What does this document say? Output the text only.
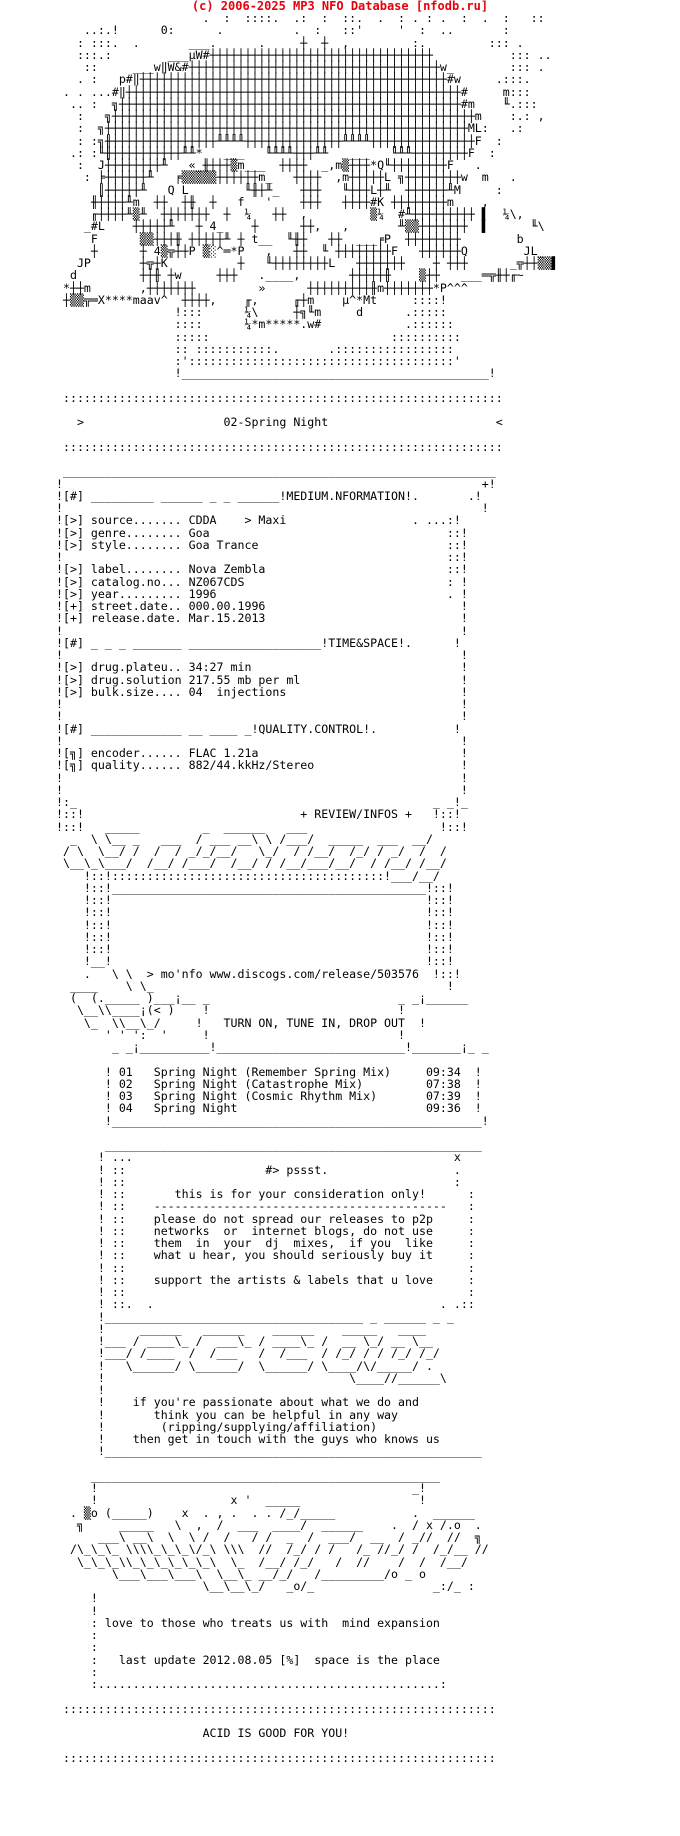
(c) 2006-2025 MP3 NFO Database [nfodb.ru]
.  :  ::::.  .:  :  ::.  .  : . : .  :  .  :   ::
..:.!      0:      .          .  :   ::'     '  :  ..       :
: :::.  .       ___.      .     ┼  ┼  ,         :.         ::: .
:::.:        ___µW#┼┼┼┼┼┼┼┼┼┼┼┼┼┼┼┼┼┼┼┼┼┼┼┼┼┼┼┼┼┼┼┼           ::: ..
::     ___w‖W&#┼┼┼┼┼┼┼┼┼┼┼┼┼┼┼┼┼┼┼┼┼┼┼┼┼┼┼┼┼┼┼┼┼┼┼┼w_        ::: .
. :   p#‖┼┼┼┼┼┼┼┼┼┼┼┼┼┼┼┼┼┼┼┼┼┼┼┼┼┼┼┼┼┼┼┼┼┼┼┼┼┼┼┼┼┼┼┼#w     .:::.
. . ...#‖┼┼┼┼┼┼┼┼┼┼┼┼┼┼┼┼┼┼┼┼┼┼┼┼┼┼┼┼┼┼┼┼┼┼┼┼┼┼┼┼┼┼┼┼┼┼┼┼#     m:::
.. :  ╗┼┼┼┼┼┼┼┼┼┼┼┼┼┼┼┼┼┼┼┼┼┼┼┼┼┼┼┼┼┼┼┼┼┼┼┼┼┼┼┼┼┼┼┼┼┼┼┼┼#m    ╙.:::
:   ╗┼┼┼┼┼┼┼┼┼┼┼┼┼┼┼┼┼┼┼┼┼┼┼┼┼┼┼┼┼┼┼┼┼┼┼┼┼┼┼┼┼┼┼┼┼┼┼┼┼┼┼┼m    :.: ,
:  ╗┼┼┼┼┼┼┼┼┼┼┼┼┼┼┼┼┼┼┼┼┼┼┼┼┼┼┼┼┼┼┼┼┼┼┼┼┼┼┼┼┼┼┼┼┼┼┼┼┼┼┼┼ML:   .:
: :╗╫┼┼┼┼┼┼┼┼┼┼┼┼┼┼┼╨╨╨╨┼┼┼┼┼┼┼┼┼┼┼┼┼┼╨╨╨╨┼┼┼┼┼┼┼┼┼┼┼┼┼┼┼F  :
.: :╙╫┼┼┼┼┼┼┼┼┼┼╨╨*   ___   ╙╨╨╨┼┼┼╨╨   ___   ╙╨╨┼┼┼┼┼┼┼┼F  :
:  J┼┼┼┼┼┼┼┼╨   «_╫┼┼┼▒m___  ┼┼┼┼  _,m▒┼┼┼*Q╙┼┼┼┼┼┼┼┼F   .
: ╞┼┼┼┼┼┼╨   ╒▒▒▒▒▒┼┼┼┼┼┼m_   ┼┼┼┼  ,m┼┼┼┼┼L ╗┼┼┼┼┼┼┼┼w  m   .
║┼┼┼┼┼╨   Q L        ╙╫┼╨_   ┼┼┼   ╙┼┼┼L┼╨  ┼┼┼┼┼┼╨M     :
╫┼┼┼┼╨m  ┼┼  ┼╫  ┼   f   '    ┼┼┼   ┼┼┼┼#K ┼┼┼┼┼┼┼┼m    ,
╓┼┼┼┼╨▒╨  ┼┼┼┼┼┼┼  ┼  ¼   ┼┼  ,         ▒¼  #╨┼┼┼┼┼┼┼┼┼ ▌  ¼\,
_#L    ┼┼┼┼┼╨   ┼ 4_    ┼      ┼┼,   ,       ╨▒▒┼┼┼┼┼┼┼  ▌      ╙\
F      ▒▒┼┼┼╫ ┼┼┼┼┼╨ ┼ t__  ╙╫┼   ┼┼  ___╒P  ┼┼┼┼┼┼┼┼        b
┼      ┼ 4▒╦┼┼P ▒░^═*P   ,   ┼┼  ╙ ┼┼┼┼┼┼┼┼F   ┼┼┼┼┼┼Q        JL_
JP       ┼╦┼K          ┼   ╙┼┼┼┼┼┼┼┼L   ┼┼┼┼┼┼┼    ┼ ┼┼┼      _╦┼┼▒▒▌
d         ┼┼╫ ┼w     ┼┼┼   .____,       ┼┼┼┼┼╫    ▒┼┼   ___═╦╫┼╓~
*┼┼m       ,┼┼┼┼┼┼┼         »      ┼┼┼┼┼┼┼┼┼╫m┼┼┼┼┼┼┼*P^^^
┼▒▒╦═X****maav^  ┼┼┼┼,    ╓,     ╓┼m    µ^*Mt     ::::!
!:::      ¼\     ┼╗╙m     d      .:::::
::::      ¼*m*****.w#            .::::::
:::::                          ::::::::::
:: :::::::::::.       .:::::::::::::::::
:'::::::::::::::::::::::::::::::::::::::'
!____________________________________________!

:::::::::::::::::::::::::::::::::::::::::::::::::::::::::::::::

>                    02-Spring Night                        <

:::::::::::::::::::::::::::::::::::::::::::::::::::::::::::::::

______________________________________________________________
!                                                            +!
![#] _________ ______ _ _ ______!MEDIUM.NFORMATION!.       .!
!                                                            !
![>] source....... CDDA    > Maxi                  . ...:!
![>] genre........ Goa                                  ::!
![>] style........ Goa Trance                           ::!
!                                                       ::!
![>] label........ Nova Zembla                          ::!
![>] catalog.no... NZ067CDS                             : !
![>] year......... 1996                                 . !
![+] street.date.. 000.00.1996                            !
![+] release.date. Mar.15.2013                            !
!                                                         !
![#] _ _ _ _______ ___________________!TIME&SPACE!.      !
!                                                         !
![>] drug.plateu.. 34:27 min                              !
![>] drug.solution 217.55 mb per ml                       !
![>] bulk.size.... 04  injections                         !
!                                                         !
!                                                         !
![#] _____________ __ ____ _!QUALITY.CONTROL!.           !
!                                                         !
![╗] encoder...... FLAC 1.21a                             !
![╗] quality...... 882/44.kkHz/Stereo                     !
!                                                         !
!                                                         !
!:_                                                   _ _!_
!::!                               + REVIEW/INFOS +   !::!
!::!   _____         _  ______   ___                   !::!
_  \ \__ _   ___  / ___ __\ \ /___/  _____  ___  __/
/ \  \__/ /  /  / _/_/__/   \_/  / /__/  /_/ / _/  /  /
\__\_\___/  /__/ /___/  /__/ / /__/___/__/  / /__/ /__/
!::!:::::::::::::::::::::::::::::::::::::::!___/__/
!::!_____________________________________________!::!
!::!                                             !::!
!::!                                             !::!
!::!                                             !::!
!::!                                             !::!
!::!                                             !::!
!__!                                             !::!
.   \ \  > mo'nfo www.discogs.com/release/503576  !::!
____    \ \_                                          !
(  (._____ )___¡__ _                           _ _¡______
\__\\____¡(< )    !                           !
\_  \\__\_/     !   TURN ON, TUNE IN, DROP OUT  !
' ' ':  '     !                           !
_ _¡__________!___________________________!_______¡_ _

! 01   Spring Night (Remember Spring Mix)     09:34  !
! 02   Spring Night (Catastrophe Mix)         07:38  !
! 03   Spring Night (Cosmic Rhythm Mix)       07:39  !
! 04   Spring Night                           09:36  !
!_____________________________________________________!

______________________________________________________
! ...                                              x
! ::                    #> pssst.                  .
! ::                                               :
! ::       this is for your consideration only!      :
! ::    ------------------------------------------   :
! ::    please do not spread our releases to p2p     :
! ::    networks  or  internet blogs, do not use     :
! ::    them  in  your  dj  mixes,  if you  like     :
! ::    what u hear, you should seriously buy it     :
! ::                                                 :
! ::    support the artists & labels that u love     :
! ::                                                 :
! ::.  .                                         . .::
!_____________________________________ _ ______ _ _
!     ______   ______    ______    _____   ____
!___ / ____\_ /  ___\_ / ____\_ /  __ \_/ __ \__
!___/ /____  /  /___   /  /___  / /_/ / / /_/ /_/
!   \______/ \______/  \______/ \____/\/_____/ .
!                                   \____//______\
!
!    if you're passionate about what we do and
!       think you can be helpful in any way
!        (ripping/supplying/affiliation)
!    then get in touch with the guys who knows us
!______________________________________________________

__________________________________________________
!                                             _!
!                   x '  _____                 !
. ▒o (_____)    x  . , .  . . /_/_____           .  ______
╗     _____   \  ,  /  ___  ____/  ______    .  / x /.o  .
___\ __\  \  \ /  /   / /  _  /  ___/  __  / _//  //  ╗
/\_\_\_ \\\\_\_\_\/_\ \\\  //  /_/ / /   /_ //_/ /  /_/__ //
\_\_\_\\_\_\_\_\_\_\  \_  /__/ /_/   /  //    /  /  /__/
\___\___\___\  \__\_ __/_/   /_________/o _ o
\__\__\_/   _o/_                 _:/_ :
!
!
: love to those who treats us with  mind expansion
:
:
:   last update 2012.08.05 [%]  space is the place
:
:.................................................:

::::::::::::::::::::::::::::::::::::::::::::::::::::::::::::::

ACID IS GOOD FOR YOU!

::::::::::::::::::::::::::::::::::::::::::::::::::::::::::::::
